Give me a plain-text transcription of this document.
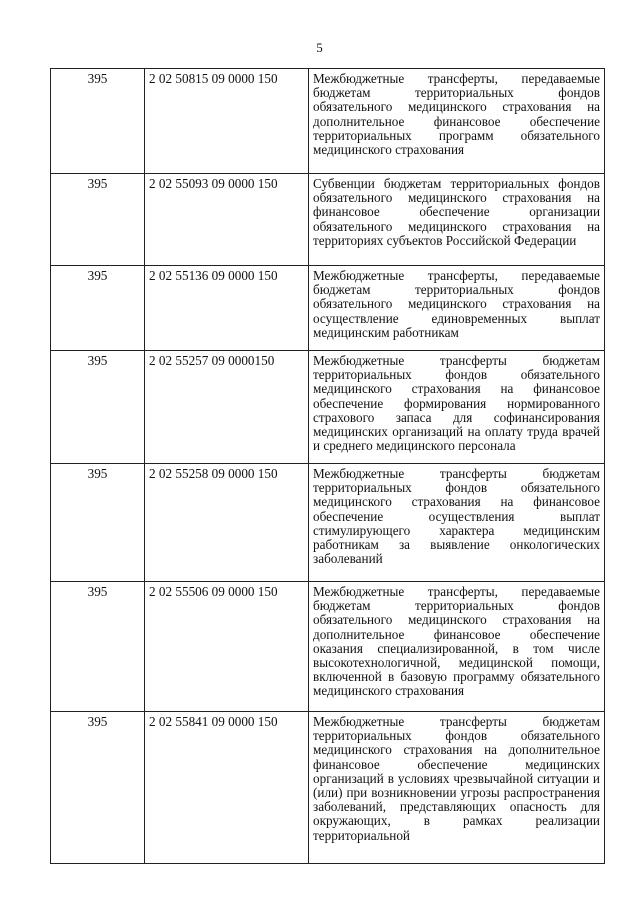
5
395	2 02 50815 09 0000 150	Межбюджетные трансферты, передаваемые бюджетам территориальных фондов обязательного медицинского страхования на дополнительное финансовое обеспечение территориальных программ обязательного медицинского страхования
395	2 02 55093 09 0000 150	Субвенции бюджетам территориальных фондов обязательного медицинского страхования на финансовое обеспечение организации обязательного медицинского страхования на территориях субъектов Российской Федерации
395	2 02 55136 09 0000 150	Межбюджетные трансферты, передаваемые бюджетам территориальных фондов обязательного медицинского страхования на осуществление единовременных выплат медицинским работникам
395	2 02 55257 09 0000150	Межбюджетные трансферты бюджетам территориальных фондов обязательного медицинского страхования на финансовое обеспечение формирования нормированного страхового запаса для софинансирования медицинских организаций на оплату труда врачей и среднего медицинского персонала
395	2 02 55258 09 0000 150	Межбюджетные трансферты бюджетам территориальных фондов обязательного медицинского страхования на финансовое обеспечение осуществления выплат стимулирующего характера медицинским работникам за выявление онкологических заболеваний
395	2 02 55506 09 0000 150	Межбюджетные трансферты, передаваемые бюджетам территориальных фондов обязательного медицинского страхования на дополнительное финансовое обеспечение оказания специализированной, в том числе высокотехнологичной, медицинской помощи, включенной в базовую программу обязательного медицинского страхования
395	2 02 55841 09 0000 150	Межбюджетные трансферты бюджетам территориальных фондов обязательного медицинского страхования на дополнительное финансовое обеспечение медицинских организаций в условиях чрезвычайной ситуации и (или) при возникновении угрозы распространения заболеваний, представляющих опасность для окружающих, в рамках реализации территориальной
